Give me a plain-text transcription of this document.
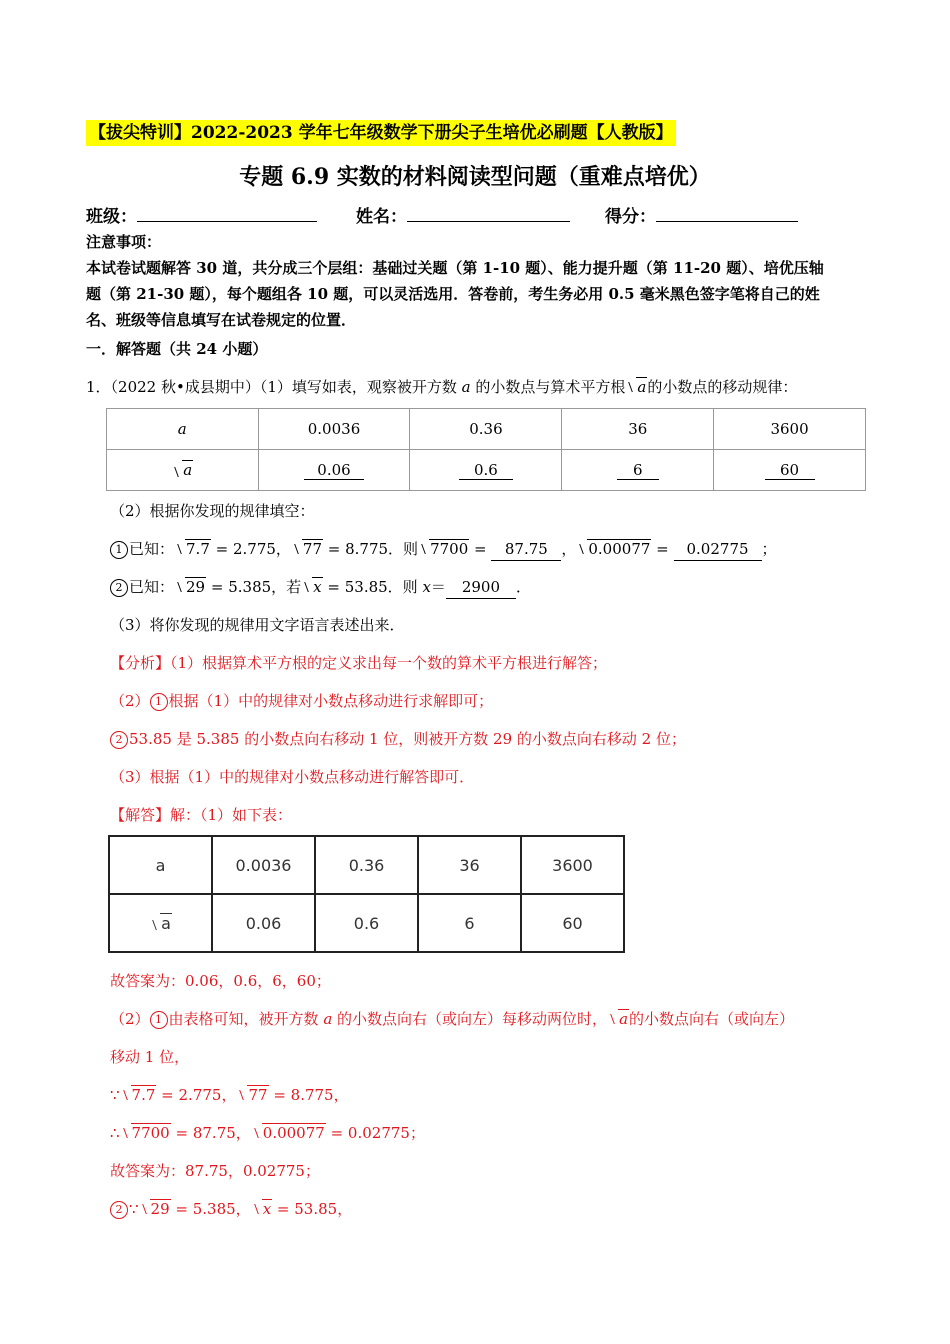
【拔尖特训】2022-2023 学年七年级数学下册尖子生培优必刷题【人教版】
专题 6.9 实数的材料阅读型问题（重难点培优）
班级：	姓名：	得分：
注意事项：
本试卷试题解答 30 道，共分成三个层组：基础过关题（第 1-10 题）、能力提升题（第 11-20 题）、培优压轴
题（第 21-30 题），每个题组各 10 题，可以灵活选用．答卷前，考生务必用 0.5 毫米黑色签字笔将自己的姓
名、班级等信息填写在试卷规定的位置．
一．解答题（共 24 小题）
1．（2022 秋•成县期中）（1）填写如表，观察被开方数 a 的小数点与算术平方根 a的小数点的移动规律：
a	0.0036	0.36	36	3600
a	0.06	0.6	6	60
（2）根据你发现的规律填空：
1 已知： 7.7 = 2.775， 77 = 8.775．则 7700 = 87.75 ， 0.00077 = 0.02775 ；
2 已知： 29 = 5.385，若 x = 53.85．则 x＝ 2900 ．
（3）将你发现的规律用文字语言表述出来．
【分析】（1）根据算术平方根的定义求出每一个数的算术平方根进行解答；
（2） 1 根据（1）中的规律对小数点移动进行求解即可；
2 53.85 是 5.385 的小数点向右移动 1 位，则被开方数 29 的小数点向右移动 2 位；
（3）根据（1）中的规律对小数点移动进行解答即可．
【解答】解：（1）如下表：
a	0.0036	0.36	36	3600
a	0.06	0.6	6	60
故答案为：0.06，0.6，6，60；
（2） 1 由表格可知，被开方数 a 的小数点向右（或向左）每移动两位时， a的小数点向右（或向左）
移动 1 位，
∵ 7.7 = 2.775， 77 = 8.775，
∴ 7700 = 87.75， 0.00077 = 0.02775；
故答案为：87.75，0.02775；
2 ∵ 29 = 5.385， x = 53.85，
